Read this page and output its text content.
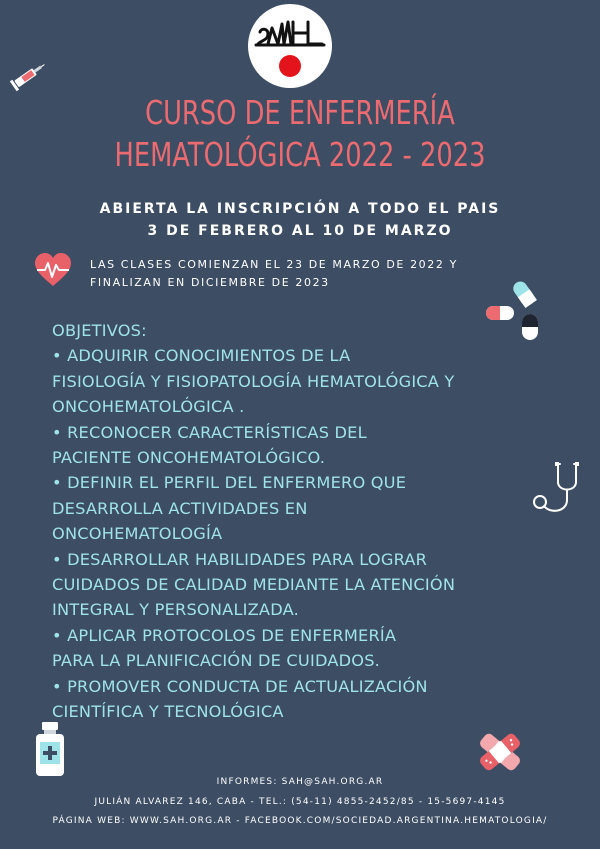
CURSO DE ENFERMERÍA
HEMATOLÓGICA 2022 - 2023
ABIERTA LA INSCRIPCIÓN A TODO EL PAIS
3 DE FEBRERO AL 10 DE MARZO
LAS CLASES COMIENZAN EL 23 DE MARZO DE 2022 Y
FINALIZAN EN DICIEMBRE DE 2023
OBJETIVOS:
• ADQUIRIR CONOCIMIENTOS DE LA
FISIOLOGÍA Y FISIOPATOLOGÍA HEMATOLÓGICA Y
ONCOHEMATOLÓGICA .
• RECONOCER CARACTERÍSTICAS DEL
PACIENTE ONCOHEMATOLÓGICO.
• DEFINIR EL PERFIL DEL ENFERMERO QUE
DESARROLLA ACTIVIDADES EN
ONCOHEMATOLOGÍA
• DESARROLLAR HABILIDADES PARA LOGRAR
CUIDADOS DE CALIDAD MEDIANTE LA ATENCIÓN
INTEGRAL Y PERSONALIZADA.
• APLICAR PROTOCOLOS DE ENFERMERÍA
PARA LA PLANIFICACIÓN DE CUIDADOS.
• PROMOVER CONDUCTA DE ACTUALIZACIÓN
CIENTÍFICA Y TECNOLÓGICA
INFORMES: SAH@SAH.ORG.AR
JULIÁN ALVAREZ 146, CABA - TEL.: (54-11) 4855-2452/85 - 15-5697-4145
PÁGINA WEB: WWW.SAH.ORG.AR - FACEBOOK.COM/SOCIEDAD.ARGENTINA.HEMATOLOGIA/
